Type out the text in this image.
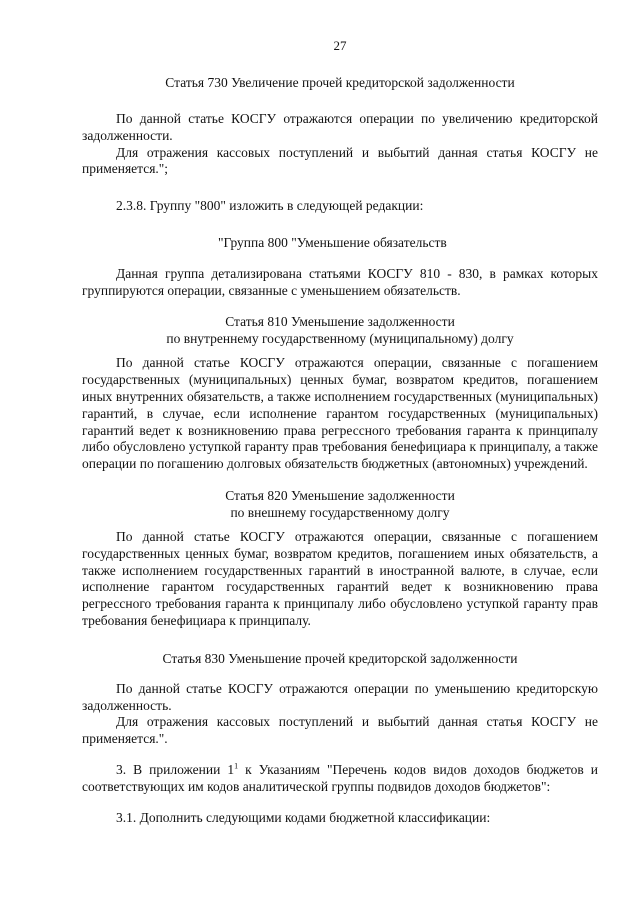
27
Статья 730 Увеличение прочей кредиторской задолженности

По данной статье КОСГУ отражаются операции по увеличению кредиторской задолженности.

Для отражения кассовых поступлений и выбытий данная статья КОСГУ не применяется.";

2.3.8. Группу "800" изложить в следующей редакции:

"Группа 800 "Уменьшение обязательств

Данная группа детализирована статьями КОСГУ 810 - 830, в рамках которых группируются операции, связанные с уменьшением обязательств.

Статья 810 Уменьшение задолженности
по внутреннему государственному (муниципальному) долгу

По данной статье КОСГУ отражаются операции, связанные с погашением государственных (муниципальных) ценных бумаг, возвратом кредитов, погашением иных внутренних обязательств, а также исполнением государственных (муниципальных) гарантий, в случае, если исполнение гарантом государственных (муниципальных) гарантий ведет к возникновению права регрессного требования гаранта к принципалу либо обусловлено уступкой гаранту прав требования бенефициара к принципалу, а также операции по погашению долговых обязательств бюджетных (автономных) учреждений.

Статья 820 Уменьшение задолженности
по внешнему государственному долгу

По данной статье КОСГУ отражаются операции, связанные с погашением государственных ценных бумаг, возвратом кредитов, погашением иных обязательств, а также исполнением государственных гарантий в иностранной валюте, в случае, если исполнение гарантом государственных гарантий ведет к возникновению права регрессного требования гаранта к принципалу либо обусловлено уступкой гаранту прав требования бенефициара к принципалу.

Статья 830 Уменьшение прочей кредиторской задолженности

По данной статье КОСГУ отражаются операции по уменьшению кредиторскую задолженность.

Для отражения кассовых поступлений и выбытий данная статья КОСГУ не применяется.".

3. В приложении $1^1$ к Указаниям "Перечень кодов видов доходов бюджетов и соответствующих им кодов аналитической группы подвидов доходов бюджетов":

3.1. Дополнить следующими кодами бюджетной классификации:
